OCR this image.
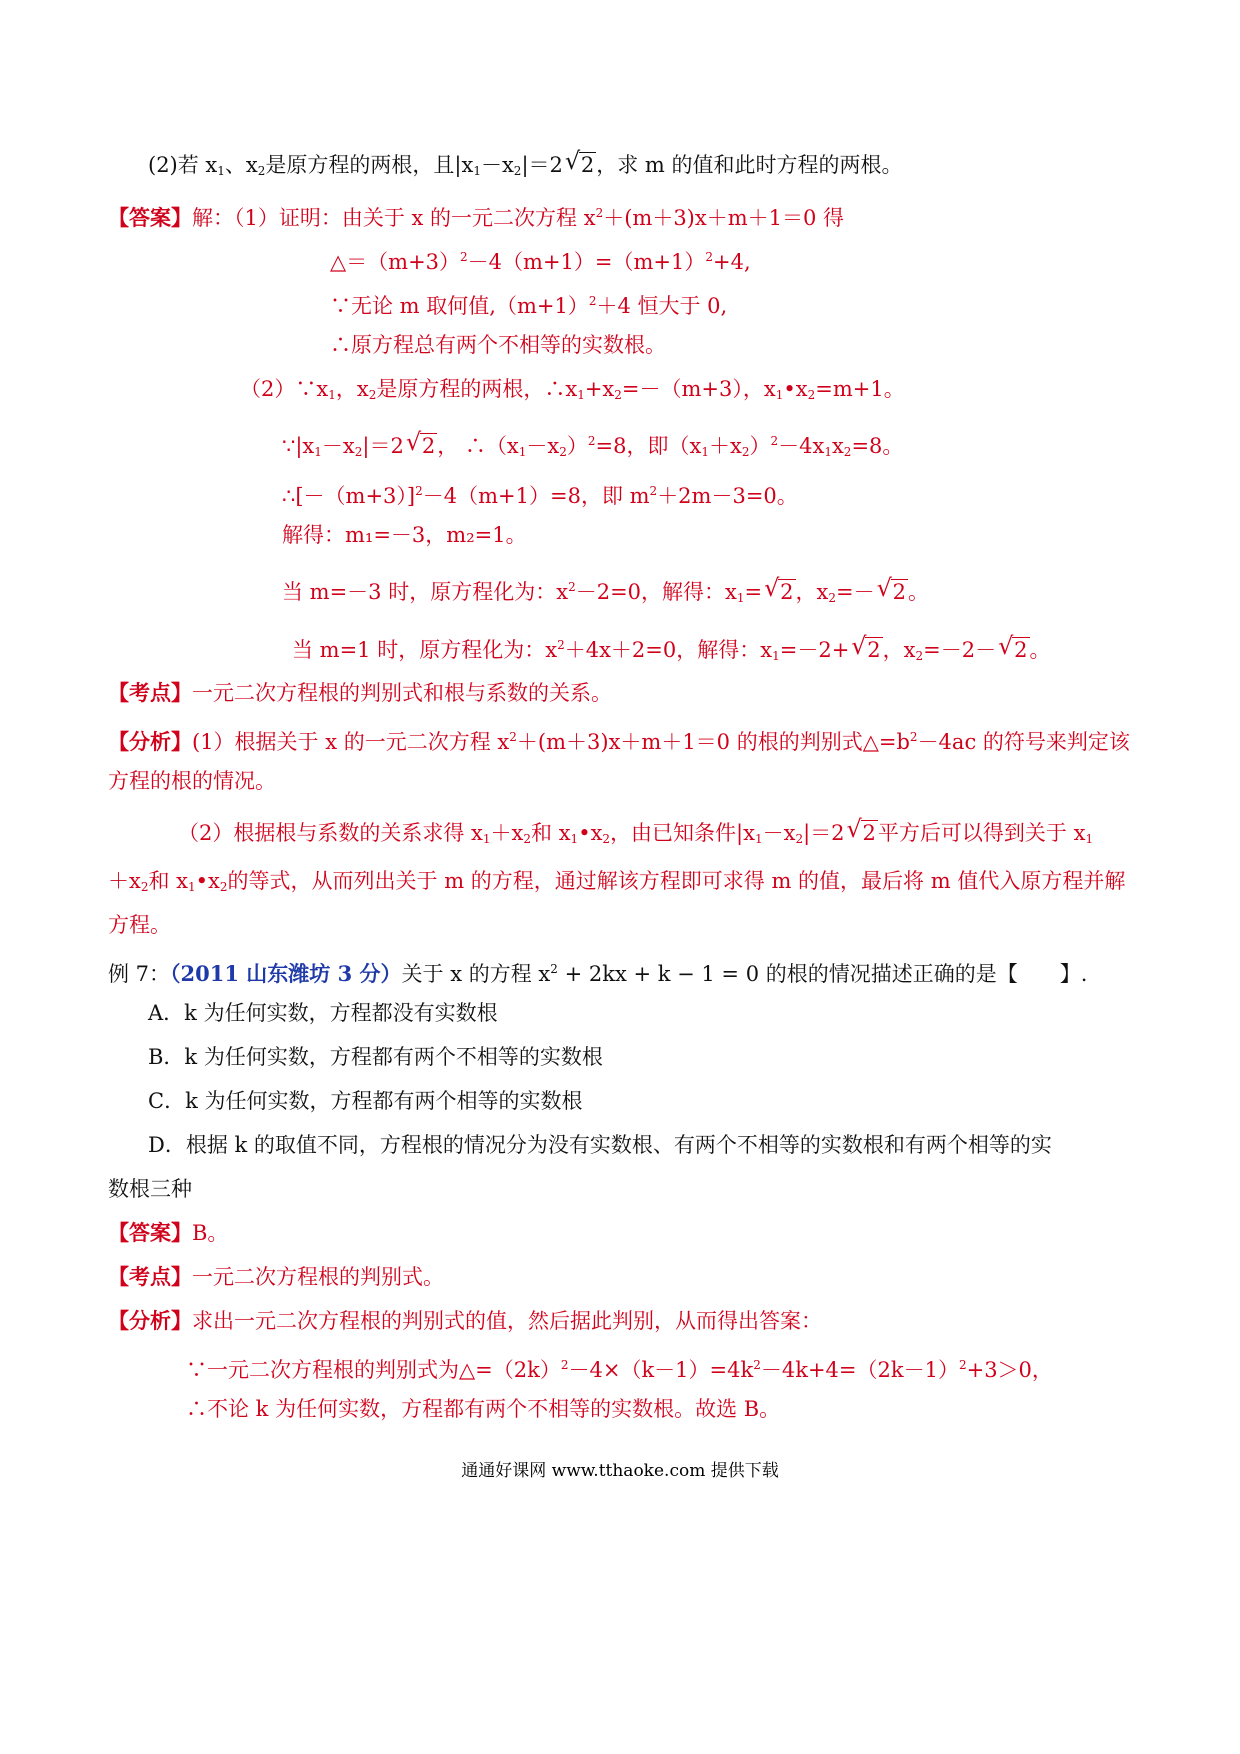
(2)若 $x_1$、$x_2$是原方程的两根，且$|x_1-x_2|=2√$ 2，求 m 的值和此时方程的两根。
【答案】解：（1）证明：由关于 x 的一元二次方程 $x^2+(m+3)x+m+1=0$ 得
$\triangle=(m+3)^2-4(m+1)=(m+1)^2+4$,
∵无论 m 取何值$,(m+1)^2+4$ 恒大于 0,
∴原方程总有两个不相等的实数根。
$(2)\because x_1$，$x_2$是原方程的两根，$\therefore x_1+x_2=-(m+3)$，$x_1•x_2=m+1$。
$\because|x_1-x_2|=2√$ 2， $\therefore(x_1-x_2)^2=8$，即$(x_1+x_2)^2-4x_1x_2=8$。
$\therefore[-(m+3)]^2-4(m+1)=8$，即 $m^2+2m-3=0$。
解得：m₁=－3，m₂=1。
当 m=－3 时，原方程化为：$x^2-2=0$，解得：$x_1=√$ 2，$x_2=-√$ 2。
当 m=1 时，原方程化为：$x^2+4x+2=0$，解得：$x_1=-2+√$ 2，$x_2=-2-√$ 2。
【考点】一元二次方程根的判别式和根与系数的关系。
【分析】(1）根据关于 x 的一元二次方程 $x^2+(m+3)x+m+1=0$ 的根的判别式$\triangle=b^2-4ac$ 的符号来判定该
方程的根的情况。
（2）根据根与系数的关系求得 $x_1+x_2$和 $x_1•x_2$，由已知条件$|x_1-x_2|=2√$ 2平方后可以得到关于 $x_1$
$+x_2$和 $x_1•x_2$的等式，从而列出关于 m 的方程，通过解该方程即可求得 m 的值，最后将 m 值代入原方程并解
方程。
例 7：（2011 山东潍坊 3 分）关于 x 的方程 $x^2 + 2kx + k - 1 = 0$ 的根的情况描述正确的是【　　】.
A．k 为任何实数，方程都没有实数根
B．k 为任何实数，方程都有两个不相等的实数根
C．k 为任何实数，方程都有两个相等的实数根
D．根据 k 的取值不同，方程根的情况分为没有实数根、有两个不相等的实数根和有两个相等的实
数根三种
【答案】B。
【考点】一元二次方程根的判别式。
【分析】求出一元二次方程根的判别式的值，然后据此判别，从而得出答案：
∵一元二次方程根的判别式为$\triangle=(2k)^2-4\times(k-1)=4k^2-4k+4=(2k-1)^2+3>0$，
∴不论 k 为任何实数，方程都有两个不相等的实数根。故选 B。
通通好课网 www.tthaoke.com 提供下载
